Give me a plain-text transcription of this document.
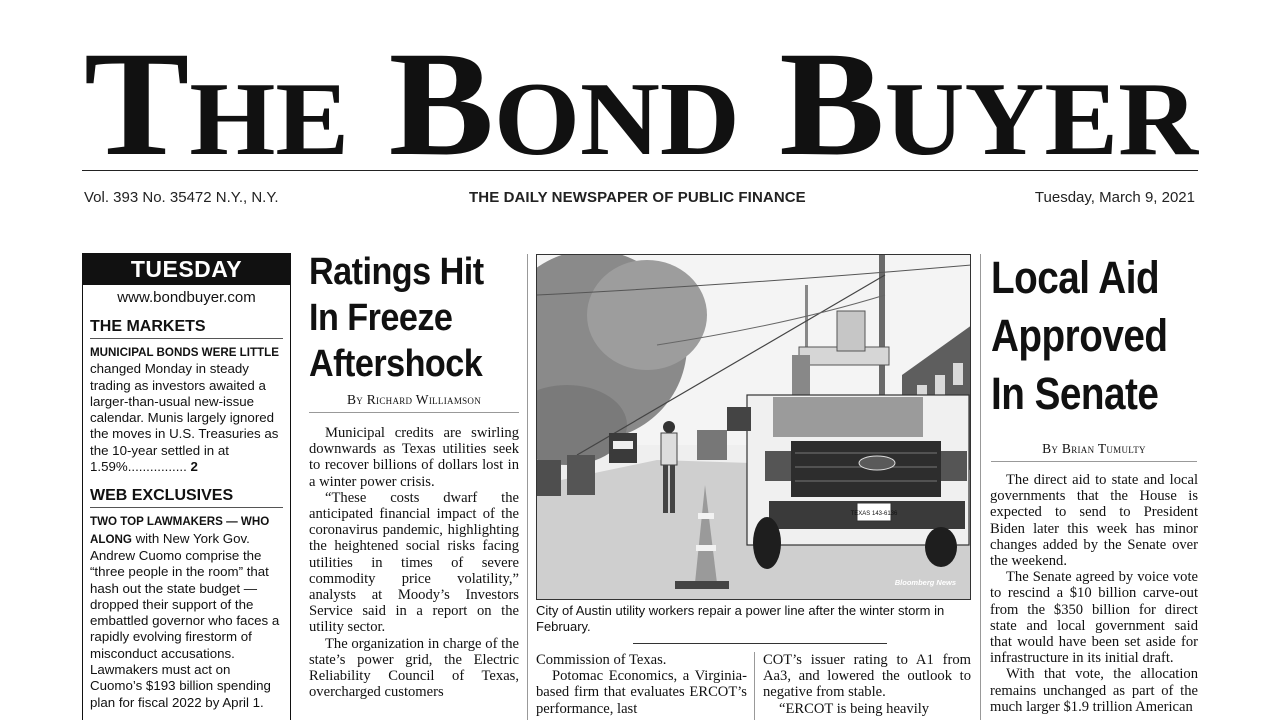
The Bond Buyer
Vol. 393 No. 35472 N.Y., N.Y.	THE DAILY NEWSPAPER OF PUBLIC FINANCE	Tuesday, March 9, 2021
TUESDAY
www.bondbuyer.com
THE MARKETS
MUNICIPAL BONDS WERE LITTLE changed Monday in steady trading as investors awaited a larger-than-usual new-issue calendar. Munis largely ignored the moves in U.S. Treasuries as the 10-year settled in at 1.59%................ 2
WEB EXCLUSIVES
TWO TOP LAWMAKERS — WHO ALONG with New York Gov. Andrew Cuomo comprise the “three people in the room” that hash out the state budget — dropped their support of the embattled governor who faces a rapidly evolving firestorm of misconduct accusations. Lawmakers must act on Cuomo’s $193 billion spending plan for fiscal 2022 by April 1.
Ratings Hit
In Freeze
Aftershock
By Richard Williamson

Municipal credits are swirling downwards as Texas utilities seek to recover billions of dollars lost in a winter power crisis.

“These costs dwarf the anticipated financial impact of the coronavirus pandemic, highlighting the heightened social risks facing utilities in times of severe commodity price volatility,” analysts at Moody’s Investors Service said in a report on the utility sector.

The organization in charge of the state’s power grid, the Electric Reliability Council of Texas, overcharged customers

TEXAS 143-6136
Bloomberg News
City of Austin utility workers repair a power line after the winter storm in February.

Commission of Texas.

Potomac Economics, a Virginia-based firm that evaluates ERCOT’s performance, last

COT’s issuer rating to A1 from Aa3, and lowered the outlook to negative from stable.

“ERCOT is being heavily

Local Aid
Approved
In Senate
By Brian Tumulty

The direct aid to state and local governments that the House is expected to send to President Biden later this week has minor changes added by the Senate over the weekend.

The Senate agreed by voice vote to rescind a $10 billion carve-out from the $350 billion for direct state and local government said that would have been set aside for infrastructure in its initial draft.

With that vote, the allocation remains unchanged as part of the much larger $1.9 trillion American
